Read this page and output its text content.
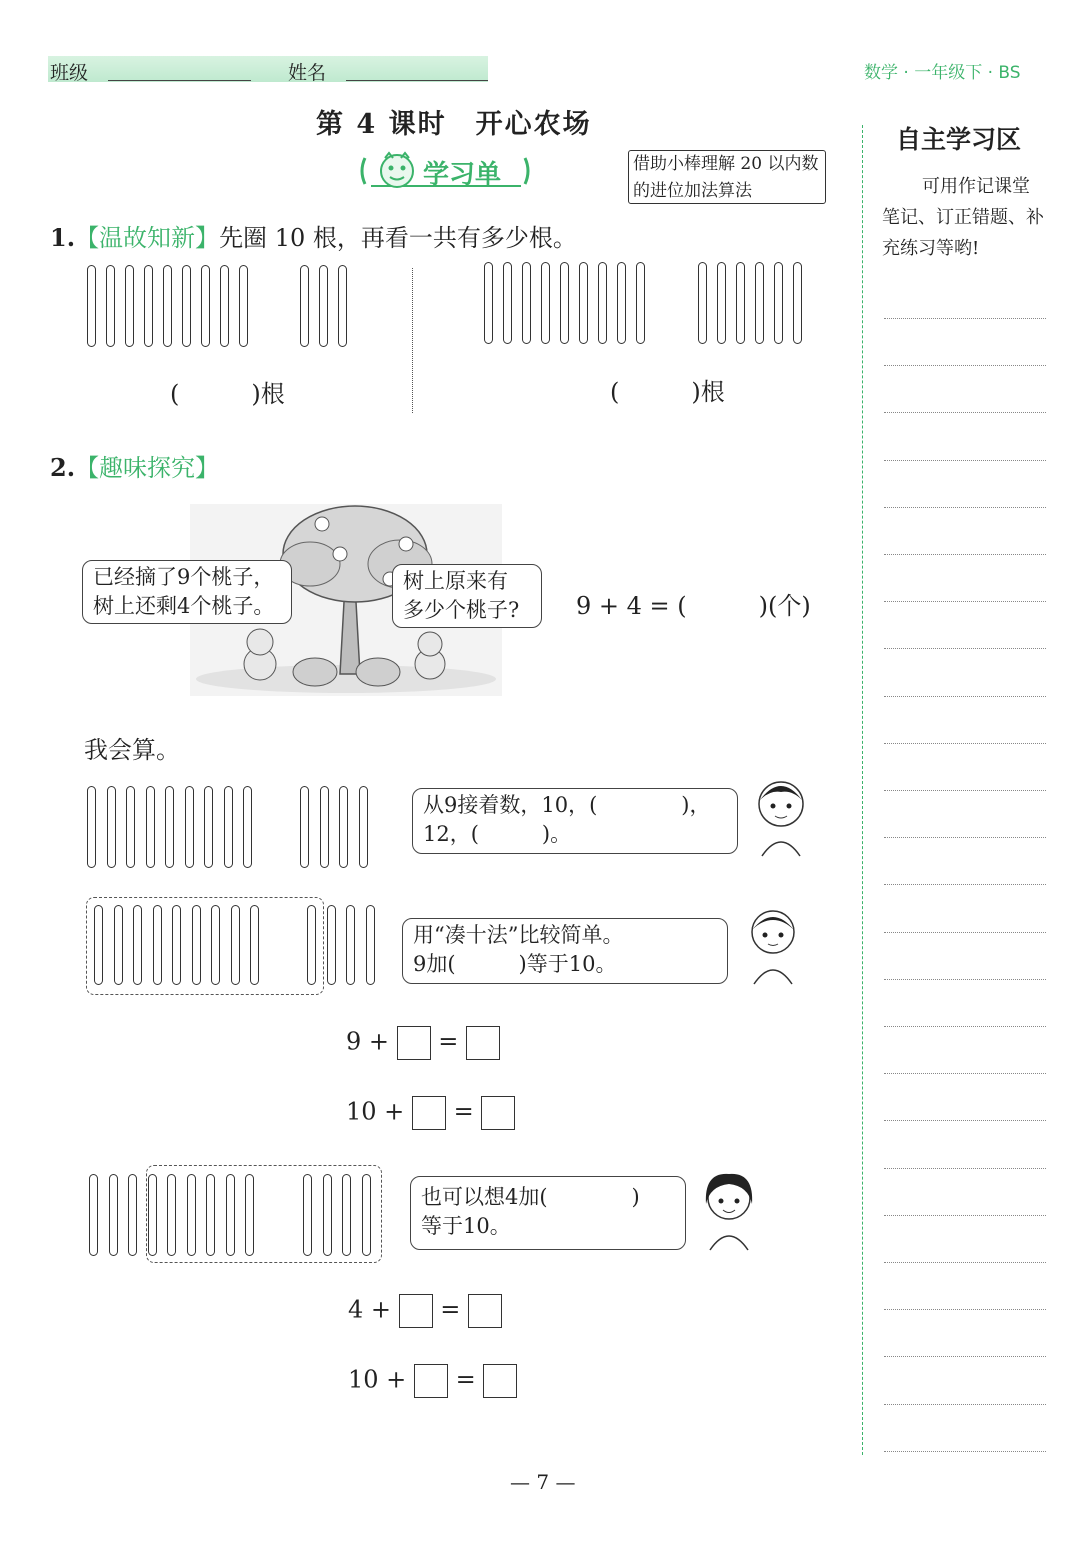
班级	姓名	数学 · 一年级下 · BS
第 4 课时　开心农场
学习单	借助小棒理解 20 以内数的进位加法算法
1.【温故知新】先圈 10 根，再看一共有多少根。
(　　　)根	(　　　)根
2.【趣味探究】
已经摘了9个桃子，
树上还剩4个桃子。
树上原来有
多少个桃子?	9 + 4 = (　　　)(个)
我会算。
从9接着数，10，(　　　　)，
12，(　　　)。
用“凑十法”比较简单。
9加(　　　)等于10。
9 + =
10 + =
也可以想4加(　　　　)
等于10。
4 + =
10 + =
自主学习区
可用作记课堂
笔记、订正错题、补
充练习等哟!
— 7 —
